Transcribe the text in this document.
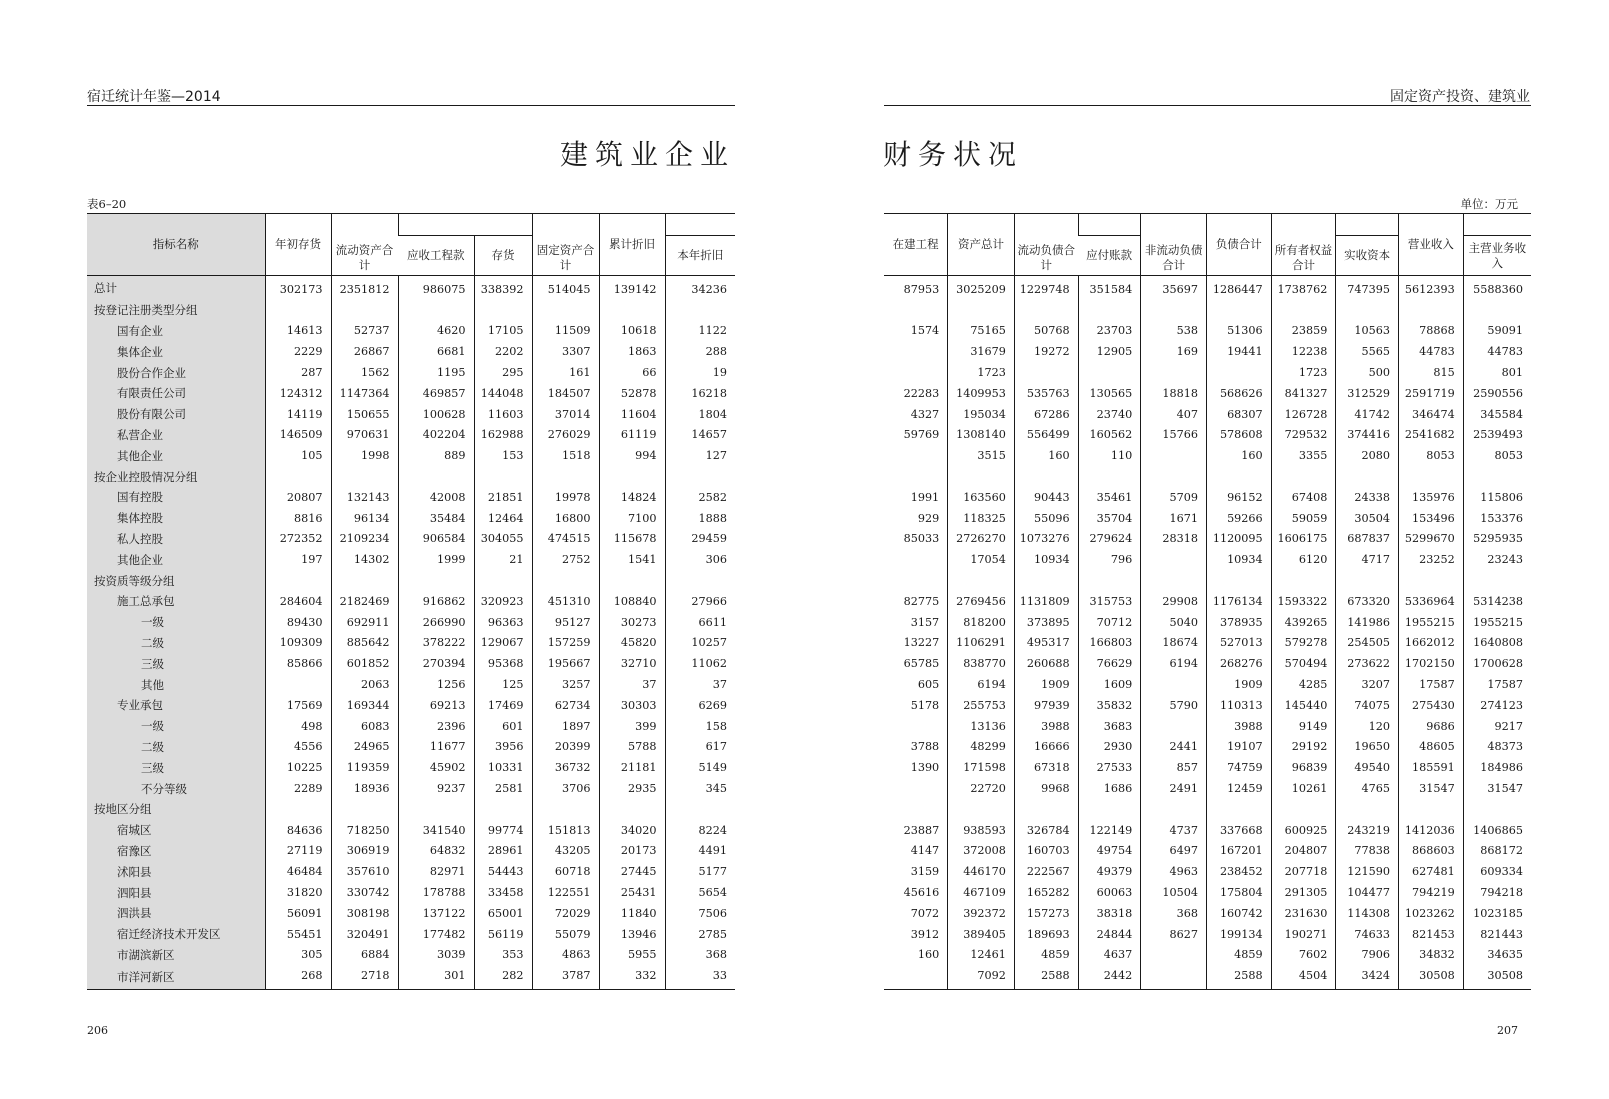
宿迁统计年鉴—2014	固定资产投资、建筑业
建筑业企业	财务状况
表6–20	单位：万元
指标名称	年初存货	流动资产合计			固定资产合计	累计折旧	
			应收工程款	存货			本年折旧
总计	302173	2351812	986075	338392	514045	139142	34236
按登记注册类型分组							
国有企业	14613	52737	4620	17105	11509	10618	1122
集体企业	2229	26867	6681	2202	3307	1863	288
股份合作企业	287	1562	1195	295	161	66	19
有限责任公司	124312	1147364	469857	144048	184507	52878	16218
股份有限公司	14119	150655	100628	11603	37014	11604	1804
私营企业	146509	970631	402204	162988	276029	61119	14657
其他企业	105	1998	889	153	1518	994	127
按企业控股情况分组							
国有控股	20807	132143	42008	21851	19978	14824	2582
集体控股	8816	96134	35484	12464	16800	7100	1888
私人控股	272352	2109234	906584	304055	474515	115678	29459
其他企业	197	14302	1999	21	2752	1541	306
按资质等级分组							
施工总承包	284604	2182469	916862	320923	451310	108840	27966
一级	89430	692911	266990	96363	95127	30273	6611
二级	109309	885642	378222	129067	157259	45820	10257
三级	85866	601852	270394	95368	195667	32710	11062
其他		2063	1256	125	3257	37	37
专业承包	17569	169344	69213	17469	62734	30303	6269
一级	498	6083	2396	601	1897	399	158
二级	4556	24965	11677	3956	20399	5788	617
三级	10225	119359	45902	10331	36732	21181	5149
不分等级	2289	18936	9237	2581	3706	2935	345
按地区分组							
宿城区	84636	718250	341540	99774	151813	34020	8224
宿豫区	27119	306919	64832	28961	43205	20173	4491
沭阳县	46484	357610	82971	54443	60718	27445	5177
泗阳县	31820	330742	178788	33458	122551	25431	5654
泗洪县	56091	308198	137122	65001	72029	11840	7506
宿迁经济技术开发区	55451	320491	177482	56119	55079	13946	2785
市湖滨新区	305	6884	3039	353	4863	5955	368
市洋河新区	268	2718	301	282	3787	332	33
在建工程	资产总计	流动负债合计		非流动负债合计	负债合计	所有者权益合计		营业收入	
			应付账款				实收资本		主营业务收入
87953	3025209	1229748	351584	35697	1286447	1738762	747395	5612393	5588360

1574	75165	50768	23703	538	51306	23859	10563	78868	59091
	31679	19272	12905	169	19441	12238	5565	44783	44783
	1723					1723	500	815	801
22283	1409953	535763	130565	18818	568626	841327	312529	2591719	2590556
4327	195034	67286	23740	407	68307	126728	41742	346474	345584
59769	1308140	556499	160562	15766	578608	729532	374416	2541682	2539493
	3515	160	110		160	3355	2080	8053	8053

1991	163560	90443	35461	5709	96152	67408	24338	135976	115806
929	118325	55096	35704	1671	59266	59059	30504	153496	153376
85033	2726270	1073276	279624	28318	1120095	1606175	687837	5299670	5295935
	17054	10934	796		10934	6120	4717	23252	23243

82775	2769456	1131809	315753	29908	1176134	1593322	673320	5336964	5314238
3157	818200	373895	70712	5040	378935	439265	141986	1955215	1955215
13227	1106291	495317	166803	18674	527013	579278	254505	1662012	1640808
65785	838770	260688	76629	6194	268276	570494	273622	1702150	1700628
605	6194	1909	1609		1909	4285	3207	17587	17587
5178	255753	97939	35832	5790	110313	145440	74075	275430	274123
	13136	3988	3683		3988	9149	120	9686	9217
3788	48299	16666	2930	2441	19107	29192	19650	48605	48373
1390	171598	67318	27533	857	74759	96839	49540	185591	184986
	22720	9968	1686	2491	12459	10261	4765	31547	31547

23887	938593	326784	122149	4737	337668	600925	243219	1412036	1406865
4147	372008	160703	49754	6497	167201	204807	77838	868603	868172
3159	446170	222567	49379	4963	238452	207718	121590	627481	609334
45616	467109	165282	60063	10504	175804	291305	104477	794219	794218
7072	392372	157273	38318	368	160742	231630	114308	1023262	1023185
3912	389405	189693	24844	8627	199134	190271	74633	821453	821443
160	12461	4859	4637		4859	7602	7906	34832	34635
	7092	2588	2442		2588	4504	3424	30508	30508
206	207
